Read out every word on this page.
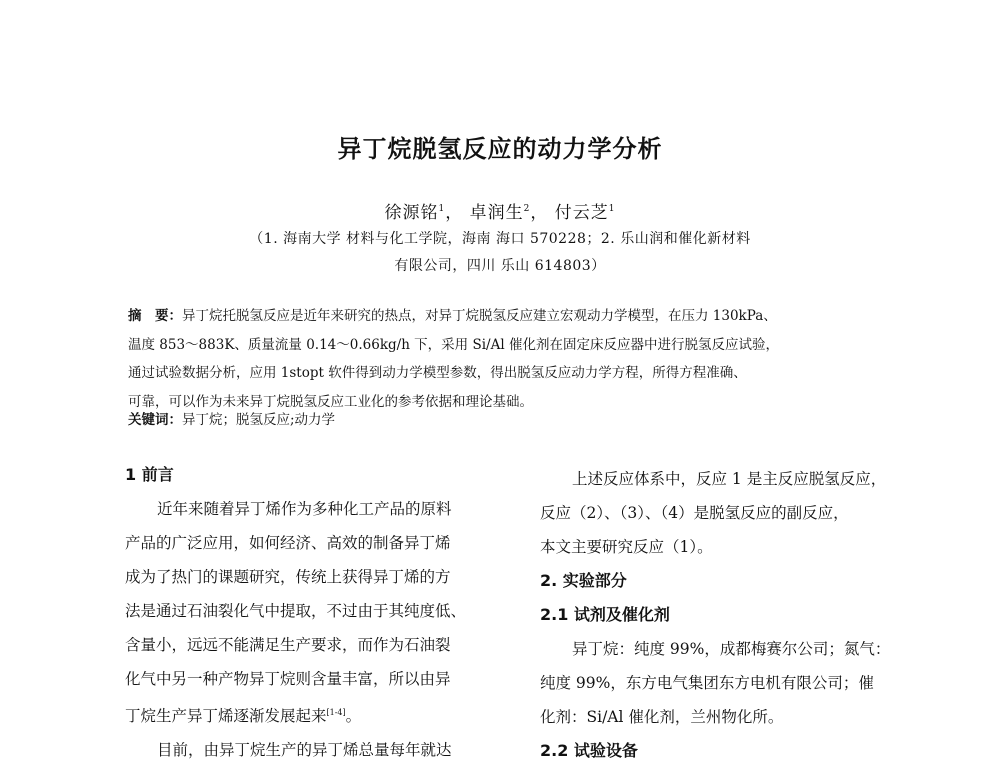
异丁烷脱氢反应的动力学分析
徐源铭$^1$， 卓润生$^2$， 付云芝$^1$
（1. 海南大学 材料与化工学院，海南 海口 570228；2. 乐山润和催化新材料
有限公司，四川 乐山 614803）
摘　要：异丁烷托脱氢反应是近年来研究的热点，对异丁烷脱氢反应建立宏观动力学模型，在压力 130kPa、
温度 853～883K、质量流量 0.14～0.66kg/h 下，采用 Si/Al 催化剂在固定床反应器中进行脱氢反应试验，
通过试验数据分析，应用 1stopt 软件得到动力学模型参数，得出脱氢反应动力学方程，所得方程准确、
可靠，可以作为未来异丁烷脱氢反应工业化的参考依据和理论基础。
关键词：异丁烷；脱氢反应;动力学
1 前言
近年来随着异丁烯作为多种化工产品的原料
产品的广泛应用，如何经济、高效的制备异丁烯
成为了热门的课题研究，传统上获得异丁烯的方
法是通过石油裂化气中提取，不过由于其纯度低、
含量小，远远不能满足生产要求，而作为石油裂
化气中另一种产物异丁烷则含量丰富，所以由异
丁烷生产异丁烯逐渐发展起来[1-4]。
目前，由异丁烷生产的异丁烯总量每年就达
上述反应体系中，反应 1 是主反应脱氢反应，
反应（2）、（3）、（4）是脱氢反应的副反应，
本文主要研究反应（1）。
2. 实验部分
2.1 试剂及催化剂
异丁烷：纯度 99%，成都梅赛尔公司；氮气：
纯度 99%，东方电气集团东方电机有限公司；催
化剂：Si/Al 催化剂，兰州物化所。
2.2 试验设备
